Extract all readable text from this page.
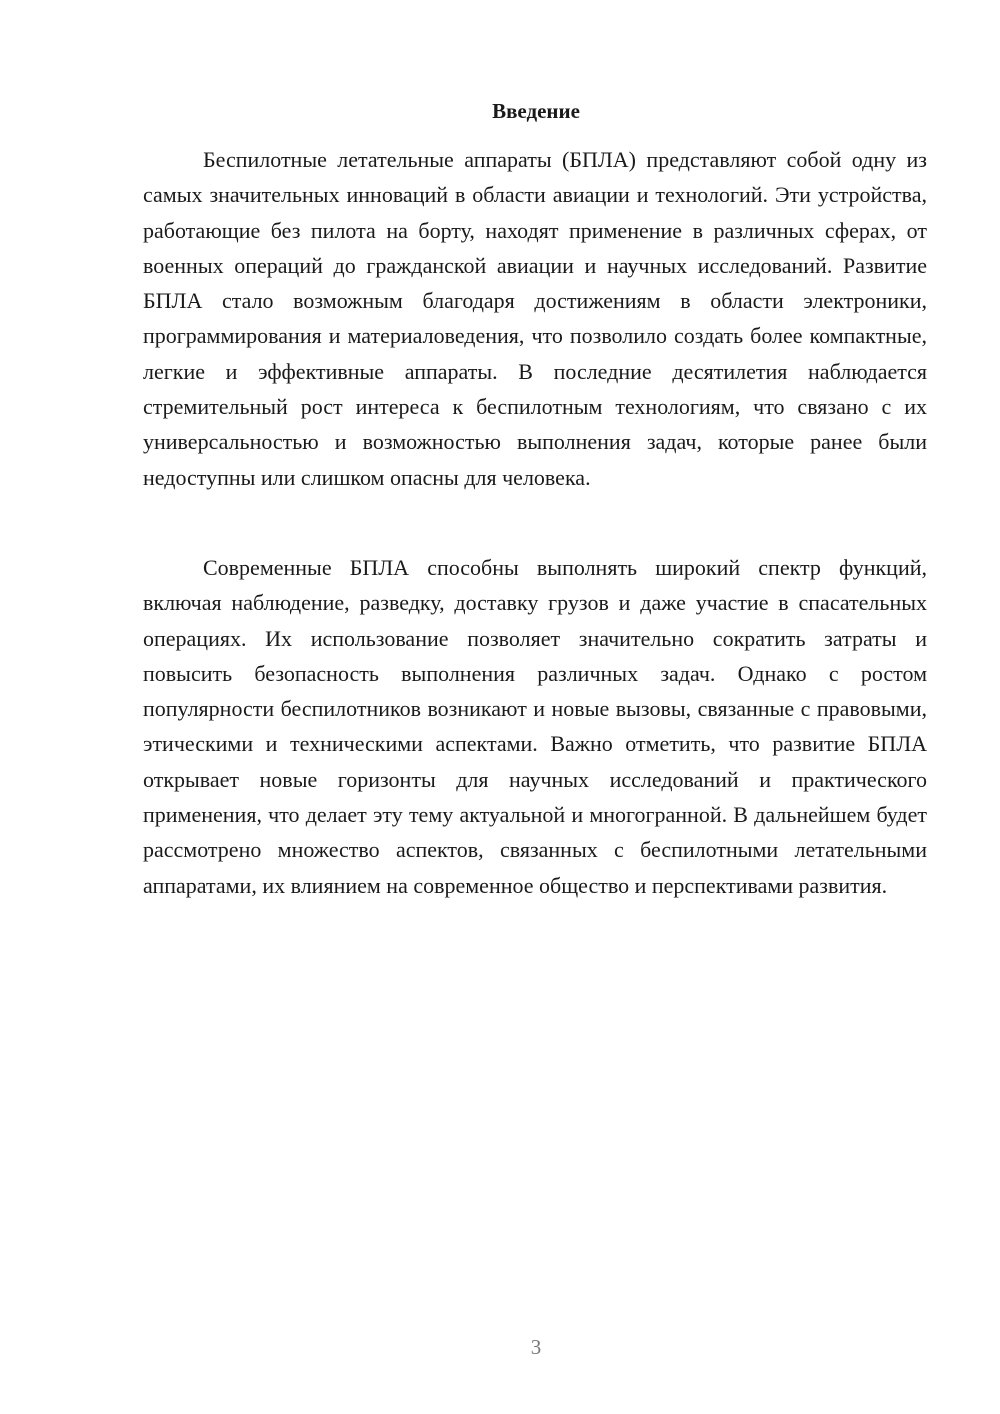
Введение

Беспилотные летательные аппараты (БПЛА) представляют собой одну из самых значительных инноваций в области авиации и технологий. Эти устройства, работающие без пилота на борту, находят применение в различных сферах, от военных операций до гражданской авиации и научных исследований. Развитие БПЛА стало возможным благодаря достижениям в области электроники, программирования и материаловедения, что позволило создать более компактные, легкие и эффективные аппараты. В последние десятилетия наблюдается стремительный рост интереса к беспилотным технологиям, что связано с их универсальностью и возможностью выполнения задач, которые ранее были недоступны или слишком опасны для человека.

Современные БПЛА способны выполнять широкий спектр функций, включая наблюдение, разведку, доставку грузов и даже участие в спасательных операциях. Их использование позволяет значительно сократить затраты и повысить безопасность выполнения различных задач. Однако с ростом популярности беспилотников возникают и новые вызовы, связанные с правовыми, этическими и техническими аспектами. Важно отметить, что развитие БПЛА открывает новые горизонты для научных исследований и практического применения, что делает эту тему актуальной и многогранной. В дальнейшем будет рассмотрено множество аспектов, связанных с беспилотными летательными аппаратами, их влиянием на современное общество и перспективами развития.

3
